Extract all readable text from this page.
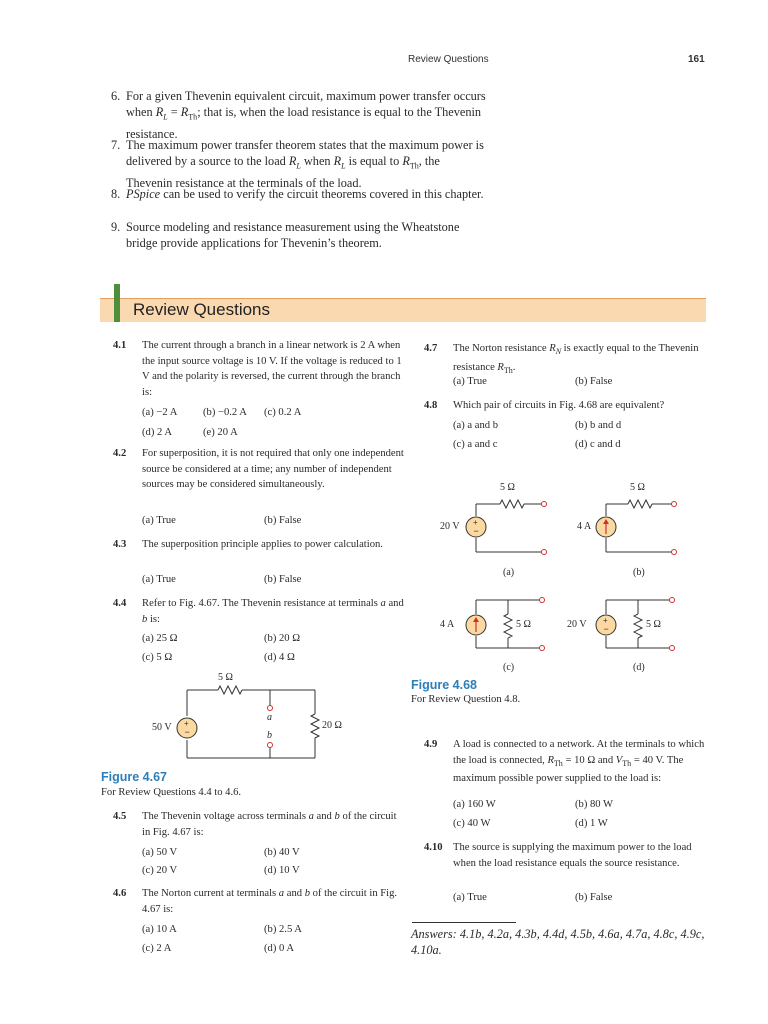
Review Questions	161
6. For a given Thevenin equivalent circuit, maximum power transfer occurs when $R_L = R_{Th}$; that is, when the load resistance is equal to the Thevenin resistance.
7. The maximum power transfer theorem states that the maximum power is delivered by a source to the load $R_L$ when $R_L$ is equal to $R_{Th}$, the Thevenin resistance at the terminals of the load.
8. PSpice can be used to verify the circuit theorems covered in this chapter.
9. Source modeling and resistance measurement using the Wheatstone bridge provide applications for Thevenin’s theorem.
Review Questions
4.1 The current through a branch in a linear network is 2 A when the input source voltage is 10 V. If the voltage is reduced to 1 V and the polarity is reversed, the current through the branch is:
(a) −2 A (b) −0.2 A (c) 0.2 A
(d) 2 A	(e) 20 A
4.2 For superposition, it is not required that only one independent source be considered at a time; any number of independent sources may be considered simultaneously.
(a) True	(b) False
4.3 The superposition principle applies to power calculation.
(a) True	(b) False
4.4 Refer to Fig. 4.67. The Thevenin resistance at terminals a and b is:
(a) 25 Ω	(b) 20 Ω
(c) 5 Ω	(d) 4 Ω
+
−
5 Ω
20 Ω
50 V
a
b
Figure 4.67
For Review Questions 4.4 to 4.6.
4.5 The Thevenin voltage across terminals a and b of the circuit in Fig. 4.67 is:
(a) 50 V	(b) 40 V
(c) 20 V	(d) 10 V
4.6 The Norton current at terminals a and b of the circuit in Fig. 4.67 is:
(a) 10 A	(b) 2.5 A
(c) 2 A	(d) 0 A
4.7 The Norton resistance $R_N$ is exactly equal to the Thevenin resistance $R_{Th}$.
(a) True	(b) False
4.8 Which pair of circuits in Fig. 4.68 are equivalent?
(a) a and b	(b) b and d
(c) a and c	(d) c and d
+
−
5 Ω
20 V
(a)
5 Ω
4 A
(b)
4 A	5 Ω
(c)
+
−
20 V	5 Ω
(d)
Figure 4.68
For Review Question 4.8.
4.9 A load is connected to a network. At the terminals to which the load is connected, $R_{Th} = 10$ Ω and $V_{Th} = 40$ V. The maximum possible power supplied to the load is:
(a) 160 W	(b) 80 W
(c) 40 W	(d) 1 W
4.10 The source is supplying the maximum power to the load when the load resistance equals the source resistance.
(a) True	(b) False
Answers: 4.1b, 4.2a, 4.3b, 4.4d, 4.5b, 4.6a, 4.7a, 4.8c, 4.9c, 4.10a.
